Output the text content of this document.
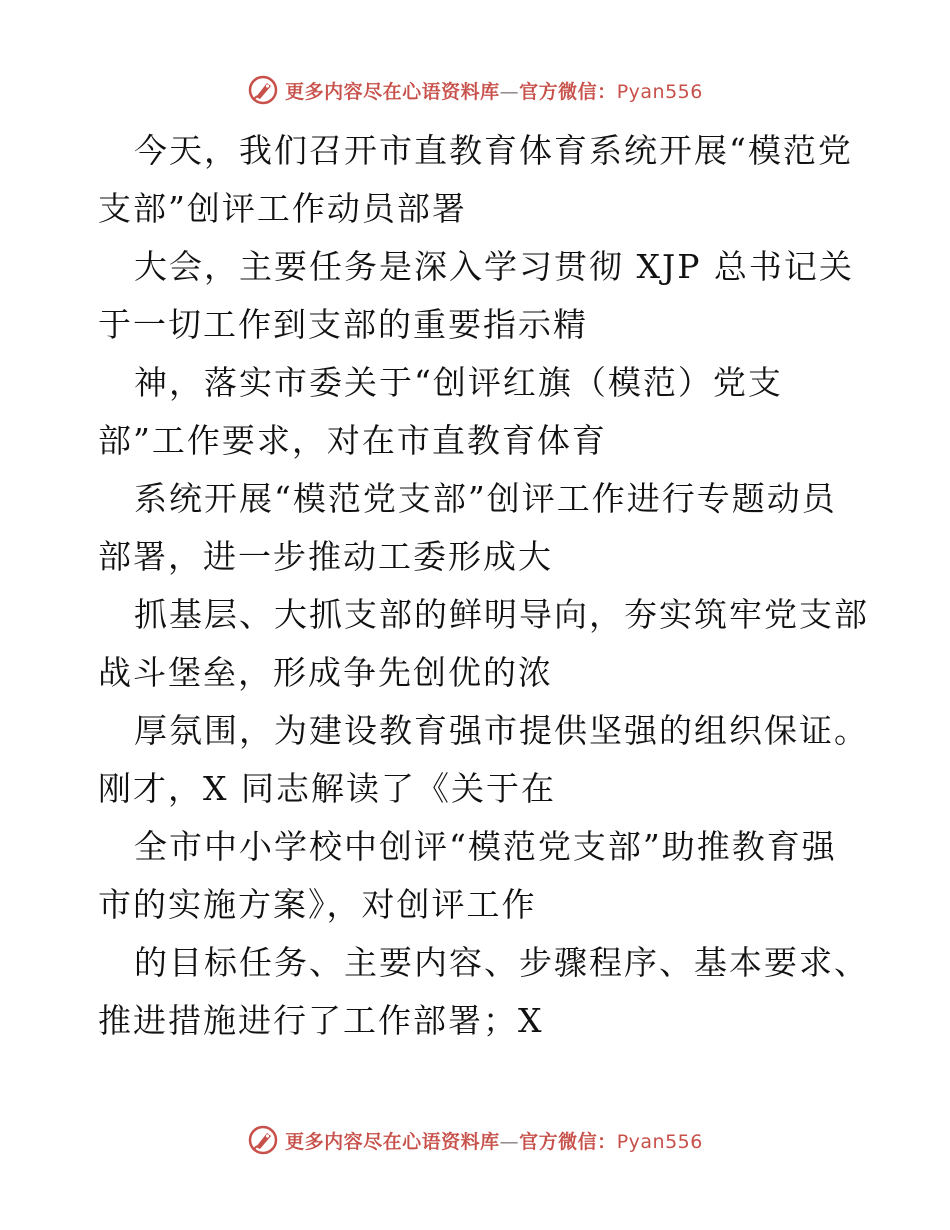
更多内容尽在心语资料库—官方微信：Pyan556
今天，我们召开市直教育体育系统开展“模范党
支部”创评工作动员部署
大会，主要任务是深入学习贯彻 XJP 总书记关
于一切工作到支部的重要指示精
神，落实市委关于“创评红旗（模范）党支
部”工作要求，对在市直教育体育
系统开展“模范党支部”创评工作进行专题动员
部署，进一步推动工委形成大
抓基层、大抓支部的鲜明导向，夯实筑牢党支部
战斗堡垒，形成争先创优的浓
厚氛围，为建设教育强市提供坚强的组织保证。
刚才，X 同志解读了《关于在
全市中小学校中创评“模范党支部”助推教育强
市的实施方案》，对创评工作
的目标任务、主要内容、步骤程序、基本要求、
推进措施进行了工作部署；X
更多内容尽在心语资料库—官方微信：Pyan556
